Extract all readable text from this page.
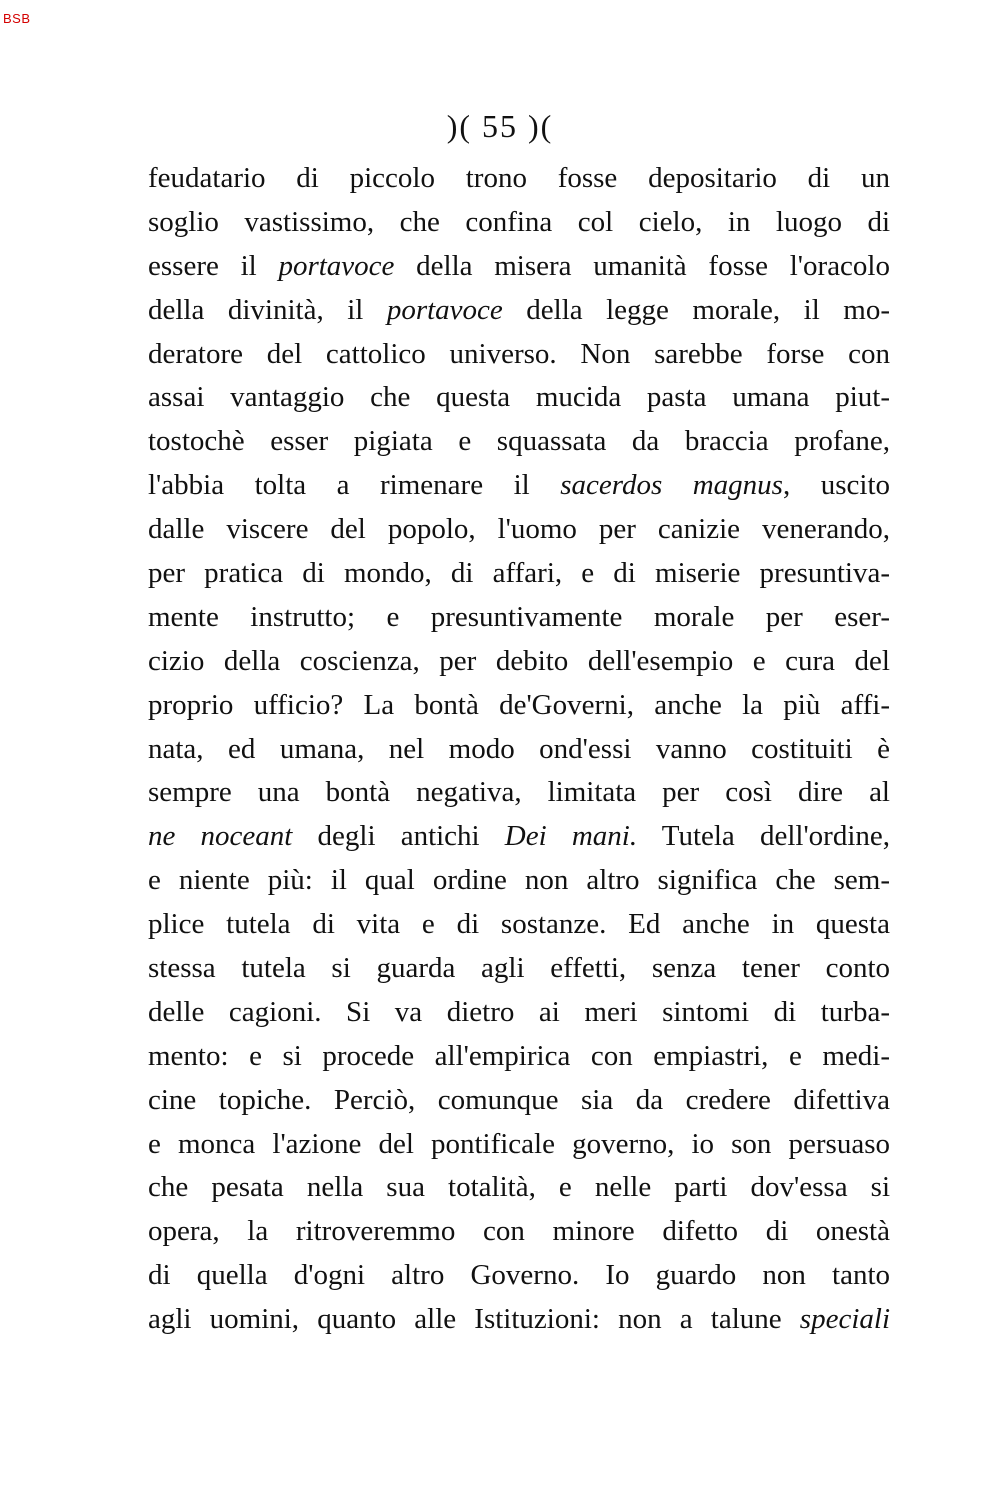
BSB
)( 55 )(
feudatario di piccolo trono fosse depositario di un
soglio vastissimo, che confina col cielo, in luogo di
essere il portavoce della misera umanità fosse l'oracolo
della divinità, il portavoce della legge morale, il mo-
deratore del cattolico universo. Non sarebbe forse con
assai vantaggio che questa mucida pasta umana piut-
tostochè esser pigiata e squassata da braccia profane,
l'abbia tolta a rimenare il sacerdos magnus, uscito
dalle viscere del popolo, l'uomo per canizie venerando,
per pratica di mondo, di affari, e di miserie presuntiva-
mente instrutto; e presuntivamente morale per eser-
cizio della coscienza, per debito dell'esempio e cura del
proprio ufficio? La bontà de'Governi, anche la più affi-
nata, ed umana, nel modo ond'essi vanno costituiti è
sempre una bontà negativa, limitata per così dire al
ne noceant degli antichi Dei mani. Tutela dell'ordine,
e niente più: il qual ordine non altro significa che sem-
plice tutela di vita e di sostanze. Ed anche in questa
stessa tutela si guarda agli effetti, senza tener conto
delle cagioni. Si va dietro ai meri sintomi di turba-
mento: e si procede all'empirica con empiastri, e medi-
cine topiche. Perciò, comunque sia da credere difettiva
e monca l'azione del pontificale governo, io son persuaso
che pesata nella sua totalità, e nelle parti dov'essa si
opera, la ritroveremmo con minore difetto di onestà
di quella d'ogni altro Governo. Io guardo non tanto
agli uomini, quanto alle Istituzioni: non a talune speciali
